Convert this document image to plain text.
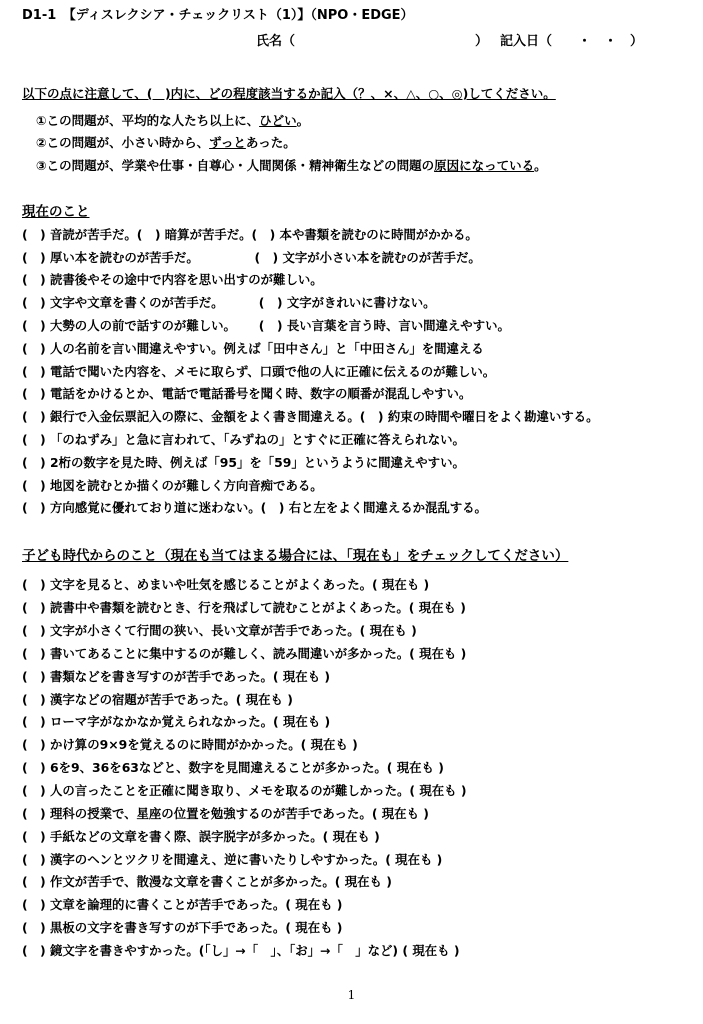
D1-1　【ディスレクシア・チェックリスト（1）】（NPO・EDGE）
氏名（	） 記入日（　　・　・　）
以下の点に注意して、(　)内に、どの程度該当するか記入（？、×、△、○、◎)してください。
①この問題が、平均的な人たち以上に、ひどい。
②この問題が、小さい時から、ずっとあった。
③この問題が、学業や仕事・自尊心・人間関係・精神衛生などの問題の原因になっている。
現在のこと
(　) 音読が苦手だ。(　) 暗算が苦手だ。(　) 本や書類を読むのに時間がかかる。
(　) 厚い本を読むのが苦手だ。　　　　　(　) 文字が小さい本を読むのが苦手だ。
(　) 読書後やその途中で内容を思い出すのが難しい。
(　) 文字や文章を書くのが苦手だ。　　　 (　) 文字がきれいに書けない。
(　) 大勢の人の前で話すのが難しい。　　 (　) 長い言葉を言う時、言い間違えやすい。
(　) 人の名前を言い間違えやすい。例えば「田中さん」と「中田さん」を間違える
(　) 電話で聞いた内容を、メモに取らず、口頭で他の人に正確に伝えるのが難しい。
(　) 電話をかけるとか、電話で電話番号を聞く時、数字の順番が混乱しやすい。
(　) 銀行で入金伝票記入の際に、金額をよく書き間違える。(　) 約束の時間や曜日をよく勘違いする。
(　) 「のねずみ」と急に言われて、「みずねの」とすぐに正確に答えられない。
(　) 2桁の数字を見た時、例えば「95」を「59」というように間違えやすい。
(　) 地図を読むとか描くのが難しく方向音痴である。
(　) 方向感覚に優れており道に迷わない。(　) 右と左をよく間違えるか混乱する。
子ども時代からのこと（現在も当てはまる場合には、「現在も」をチェックしてください）
(　) 文字を見ると、めまいや吐気を感じることがよくあった。( 現在も )
(　) 読書中や書類を読むとき、行を飛ばして読むことがよくあった。( 現在も )
(　) 文字が小さくて行間の狭い、長い文章が苦手であった。( 現在も )
(　) 書いてあることに集中するのが難しく、読み間違いが多かった。( 現在も )
(　) 書類などを書き写すのが苦手であった。( 現在も )
(　) 漢字などの宿題が苦手であった。( 現在も )
(　) ローマ字がなかなか覚えられなかった。( 現在も )
(　) かけ算の9×9を覚えるのに時間がかかった。( 現在も )
(　) 6を9、36を63などと、数字を見間違えることが多かった。( 現在も )
(　) 人の言ったことを正確に聞き取り、メモを取るのが難しかった。( 現在も )
(　) 理科の授業で、星座の位置を勉強するのが苦手であった。( 現在も )
(　) 手紙などの文章を書く際、誤字脱字が多かった。( 現在も )
(　) 漢字のヘンとツクリを間違え、逆に書いたりしやすかった。( 現在も )
(　) 作文が苦手で、散漫な文章を書くことが多かった。( 現在も )
(　) 文章を論理的に書くことが苦手であった。( 現在も )
(　) 黒板の文字を書き写すのが下手であった。( 現在も )
(　) 鏡文字を書きやすかった。(「し」→「　」、「お」→「　」など) ( 現在も )
1
